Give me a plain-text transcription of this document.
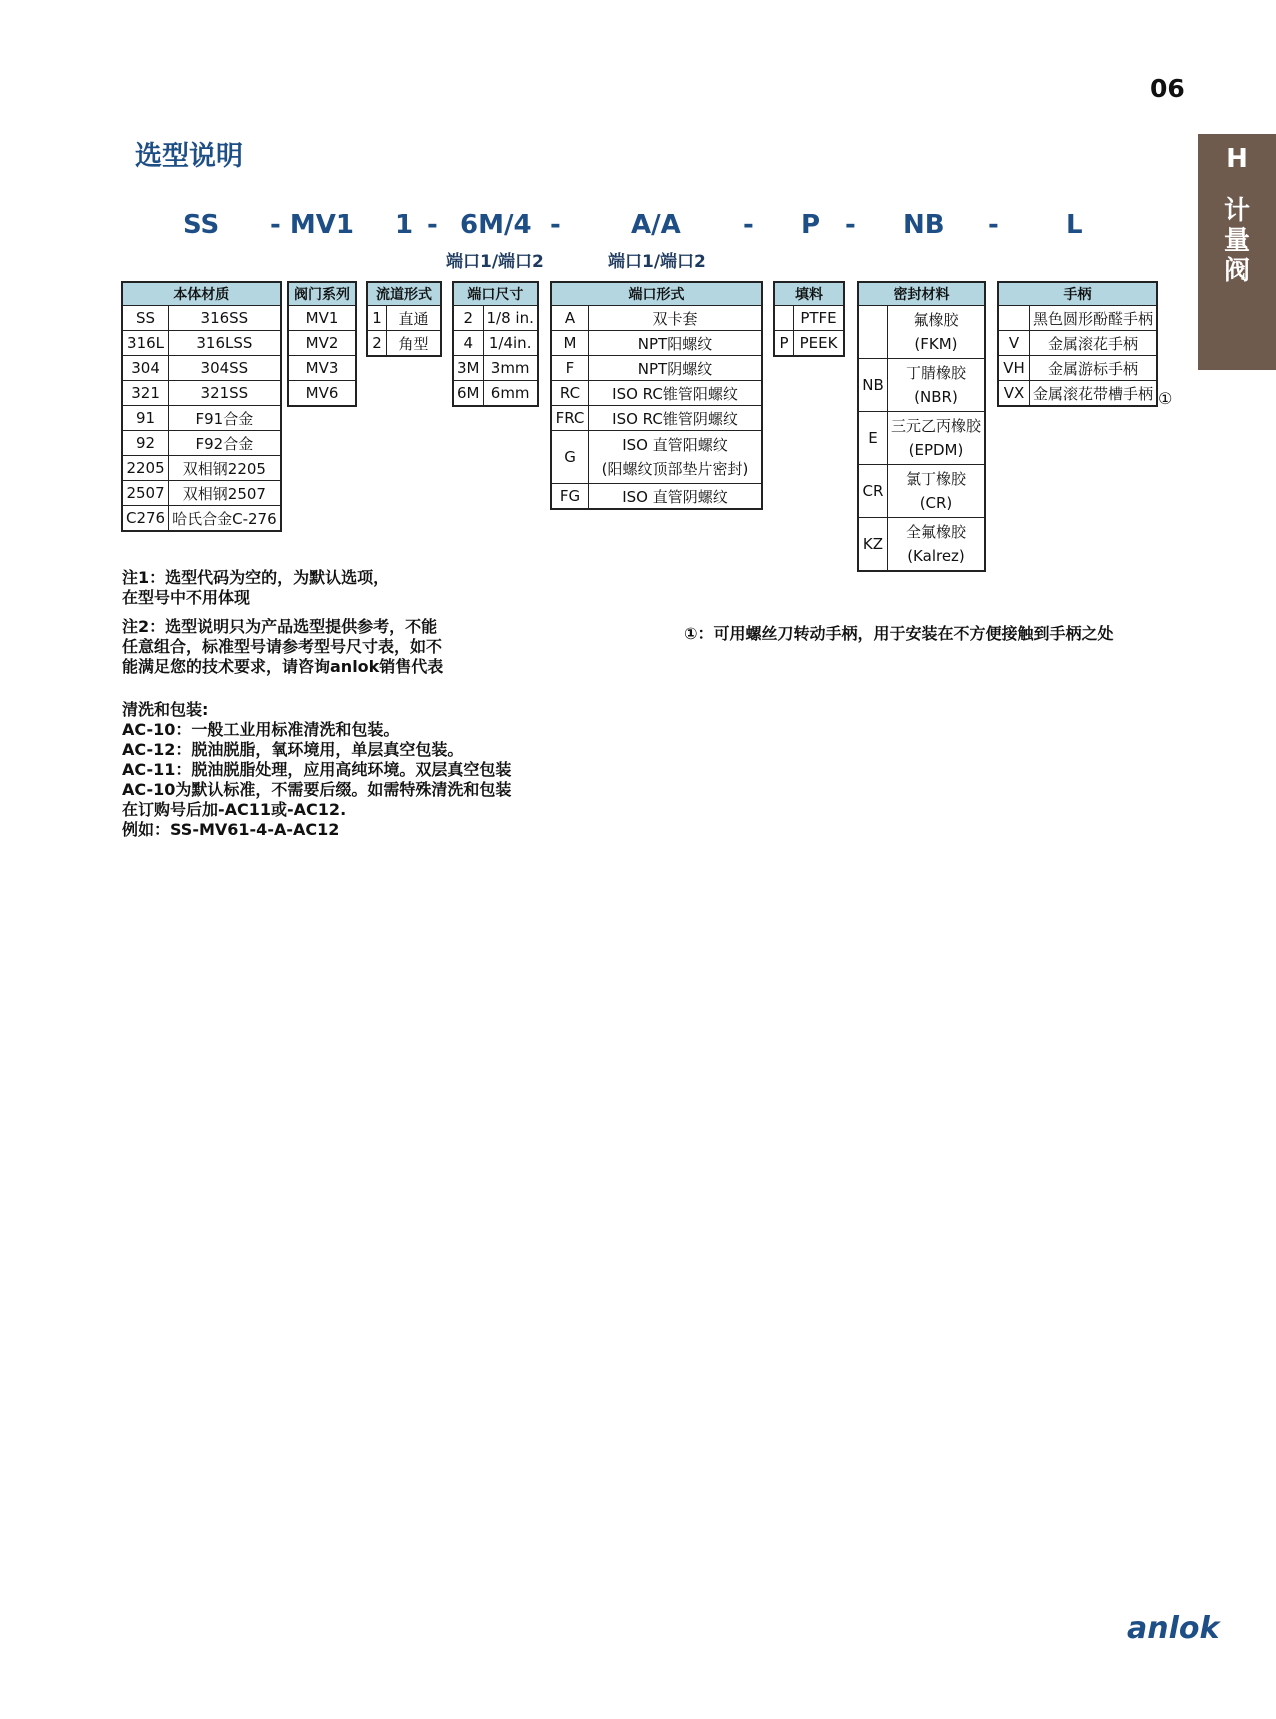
06
H
计量阀
选型说明
SS - MV1 1 - 6M/4 -	A/A - P - NB -	L
端口1/端口2	端口1/端口2
本体材质	
SS	316SS
316L	316LSS
304	304SS
321	321SS
91	F91合金
92	F92合金
2205	双相钢2205
2507	双相钢2507
C276	哈氏合金C-276
阀门系列
MV1
MV2
MV3
MV6
流道形式	
1	直通
2	角型
端口尺寸	
2	1/8 in.
4	1/4in.
3M	3mm
6M	6mm
端口形式	
A	双卡套
M	NPT阳螺纹
F	NPT阴螺纹
RC	ISO RC锥管阳螺纹
FRC	ISO RC锥管阴螺纹
G	ISO 直管阳螺纹
(阳螺纹顶部垫片密封)

FG	ISO 直管阴螺纹
填料	
	PTFE
P	PEEK
密封材料	

	氟橡胶
(FKM)

NB	丁腈橡胶
(NBR)

E	三元乙丙橡胶
(EPDM)

CR	氯丁橡胶
(CR)

KZ	全氟橡胶
(Kalrez)
手柄	
	黑色圆形酚醛手柄
V	金属滚花手柄
VH	金属游标手柄
VX	金属滚花带槽手柄 ①
注1：选型代码为空的，为默认选项，
在型号中不用体现
注2：选型说明只为产品选型提供参考，不能
任意组合，标准型号请参考型号尺寸表，如不
能满足您的技术要求，请咨询anlok销售代表
①：可用螺丝刀转动手柄，用于安装在不方便接触到手柄之处
清洗和包装:
AC-10：一般工业用标准清洗和包装。
AC-12：脱油脱脂，氧环境用，单层真空包装。
AC-11：脱油脱脂处理，应用高纯环境。双层真空包装
AC-10为默认标准，不需要后缀。如需特殊清洗和包装
在订购号后加-AC11或-AC12.
例如：SS-MV61-4-A-AC12
anlok
